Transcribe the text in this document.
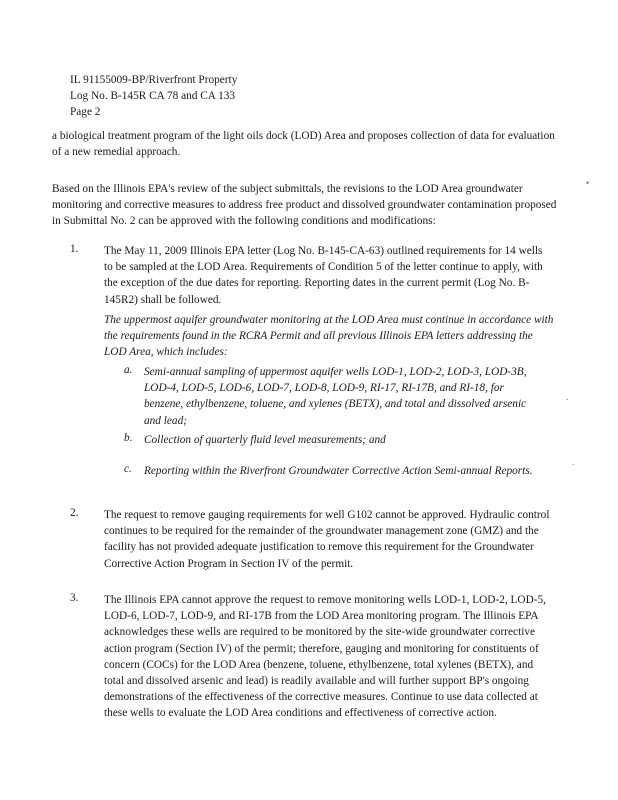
IL 91155009-BP/Riverfront Property
Log No. B-145R CA 78 and CA 133
Page 2
a biological treatment program of the light oils dock (LOD) Area and proposes collection of data for evaluation of a new remedial approach.
Based on the Illinois EPA's review of the subject submittals, the revisions to the LOD Area groundwater monitoring and corrective measures to address free product and dissolved groundwater contamination proposed in Submittal No. 2 can be approved with the following conditions and modifications:
•
1. The May 11, 2009 Illinois EPA letter (Log No. B-145-CA-63) outlined requirements for 14 wells to be sampled at the LOD Area. Requirements of Condition 5 of the letter continue to apply, with the exception of the due dates for reporting. Reporting dates in the current permit (Log No. B-145R2) shall be followed.
The uppermost aquifer groundwater monitoring at the LOD Area must continue in accordance with the requirements found in the RCRA Permit and all previous Illinois EPA letters addressing the LOD Area, which includes:
a. Semi-annual sampling of uppermost aquifer wells LOD-1, LOD-2, LOD-3, LOD-3B, LOD-4, LOD-5, LOD-6, LOD-7, LOD-8, LOD-9, RI-17, RI-17B, and RI-18, for benzene, ethylbenzene, toluene, and xylenes (BETX), and total and dissolved arsenic and lead;
b. Collection of quarterly fluid level measurements; and
c. Reporting within the Riverfront Groundwater Corrective Action Semi-annual Reports.
.
.
2. The request to remove gauging requirements for well G102 cannot be approved. Hydraulic control continues to be required for the remainder of the groundwater management zone (GMZ) and the facility has not provided adequate justification to remove this requirement for the Groundwater Corrective Action Program in Section IV of the permit.
3. The Illinois EPA cannot approve the request to remove monitoring wells LOD-1, LOD-2, LOD-5, LOD-6, LOD-7, LOD-9, and RI-17B from the LOD Area monitoring program. The Illinois EPA acknowledges these wells are required to be monitored by the site-wide groundwater corrective action program (Section IV) of the permit; therefore, gauging and monitoring for constituents of concern (COCs) for the LOD Area (benzene, toluene, ethylbenzene, total xylenes (BETX), and total and dissolved arsenic and lead) is readily available and will further support BP's ongoing demonstrations of the effectiveness of the corrective measures. Continue to use data collected at these wells to evaluate the LOD Area conditions and effectiveness of corrective action.
